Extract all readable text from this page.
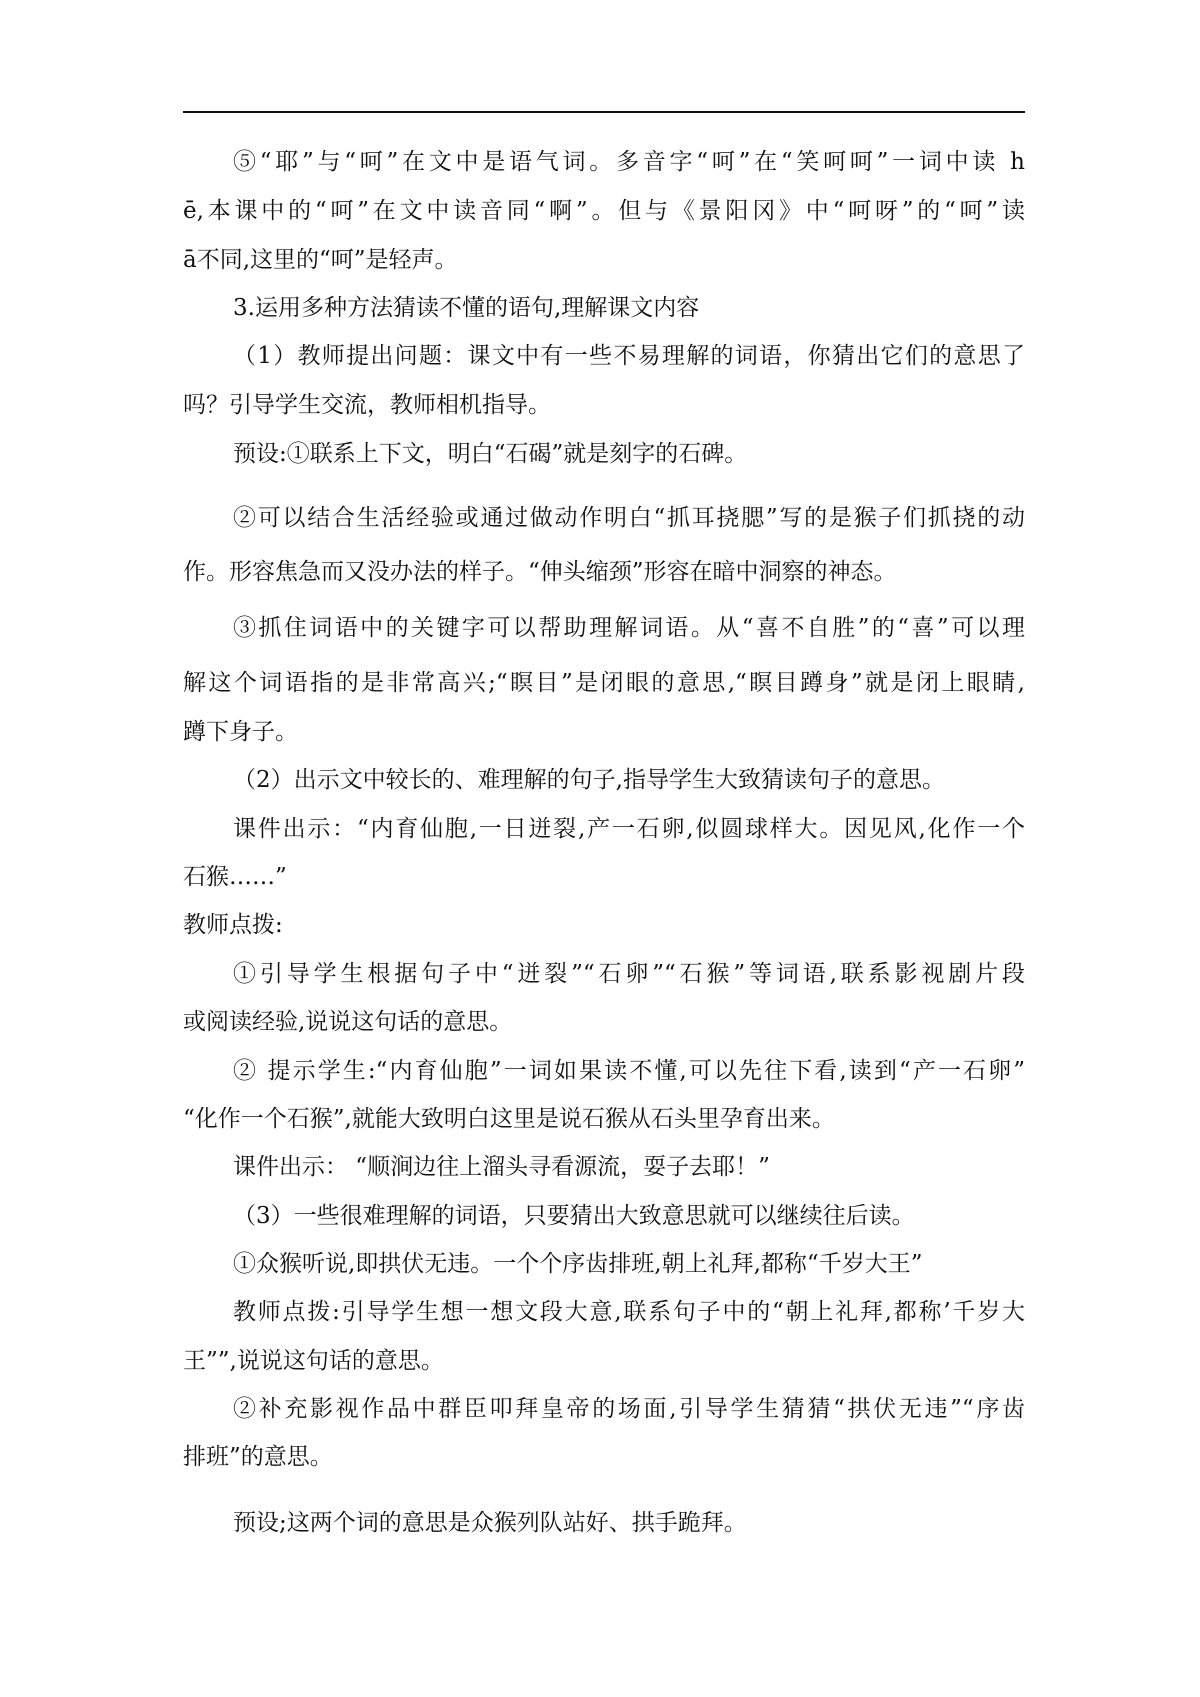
⑤“耶”与“呵”在文中是语气词。多音字“呵”在“笑呵呵”一词中读 h
ē,本课中的“呵”在文中读音同“啊”。但与《景阳冈》中“呵呀”的“呵”读
ā不同,这里的“呵”是轻声。
3.运用多种方法猜读不懂的语句,理解课文内容
（1）教师提出问题：课文中有一些不易理解的词语，你猜出它们的意思了
吗？引导学生交流，教师相机指导。
预设:①联系上下文，明白“石碣”就是刻字的石碑。
②可以结合生活经验或通过做动作明白“抓耳挠腮”写的是猴子们抓挠的动
作。形容焦急而又没办法的样子。“伸头缩颈”形容在暗中洞察的神态。
③抓住词语中的关键字可以帮助理解词语。从“喜不自胜”的“喜”可以理
解这个词语指的是非常高兴;“瞑目”是闭眼的意思,“瞑目蹲身”就是闭上眼睛,
蹲下身子。
（2）出示文中较长的、难理解的句子,指导学生大致猜读句子的意思。
课件出示：“内育仙胞,一日迸裂,产一石卵,似圆球样大。因见风,化作一个
石猴……”
教师点拨:
①引导学生根据句子中“迸裂”“石卵”“石猴”等词语,联系影视剧片段
或阅读经验,说说这句话的意思。
② 提示学生:“内育仙胞”一词如果读不懂,可以先往下看,读到“产一石卵”
“化作一个石猴”,就能大致明白这里是说石猴从石头里孕育出来。
课件出示： “顺涧边往上溜头寻看源流，耍子去耶！”
（3）一些很难理解的词语，只要猜出大致意思就可以继续往后读。
①众猴听说,即拱伏无违。一个个序齿排班,朝上礼拜,都称“千岁大王”
教师点拨:引导学生想一想文段大意,联系句子中的“朝上礼拜,都称’千岁大
王””,说说这句话的意思。
②补充影视作品中群臣叩拜皇帝的场面,引导学生猜猜“拱伏无违”“序齿
排班”的意思。
预设;这两个词的意思是众猴列队站好、拱手跪拜。
